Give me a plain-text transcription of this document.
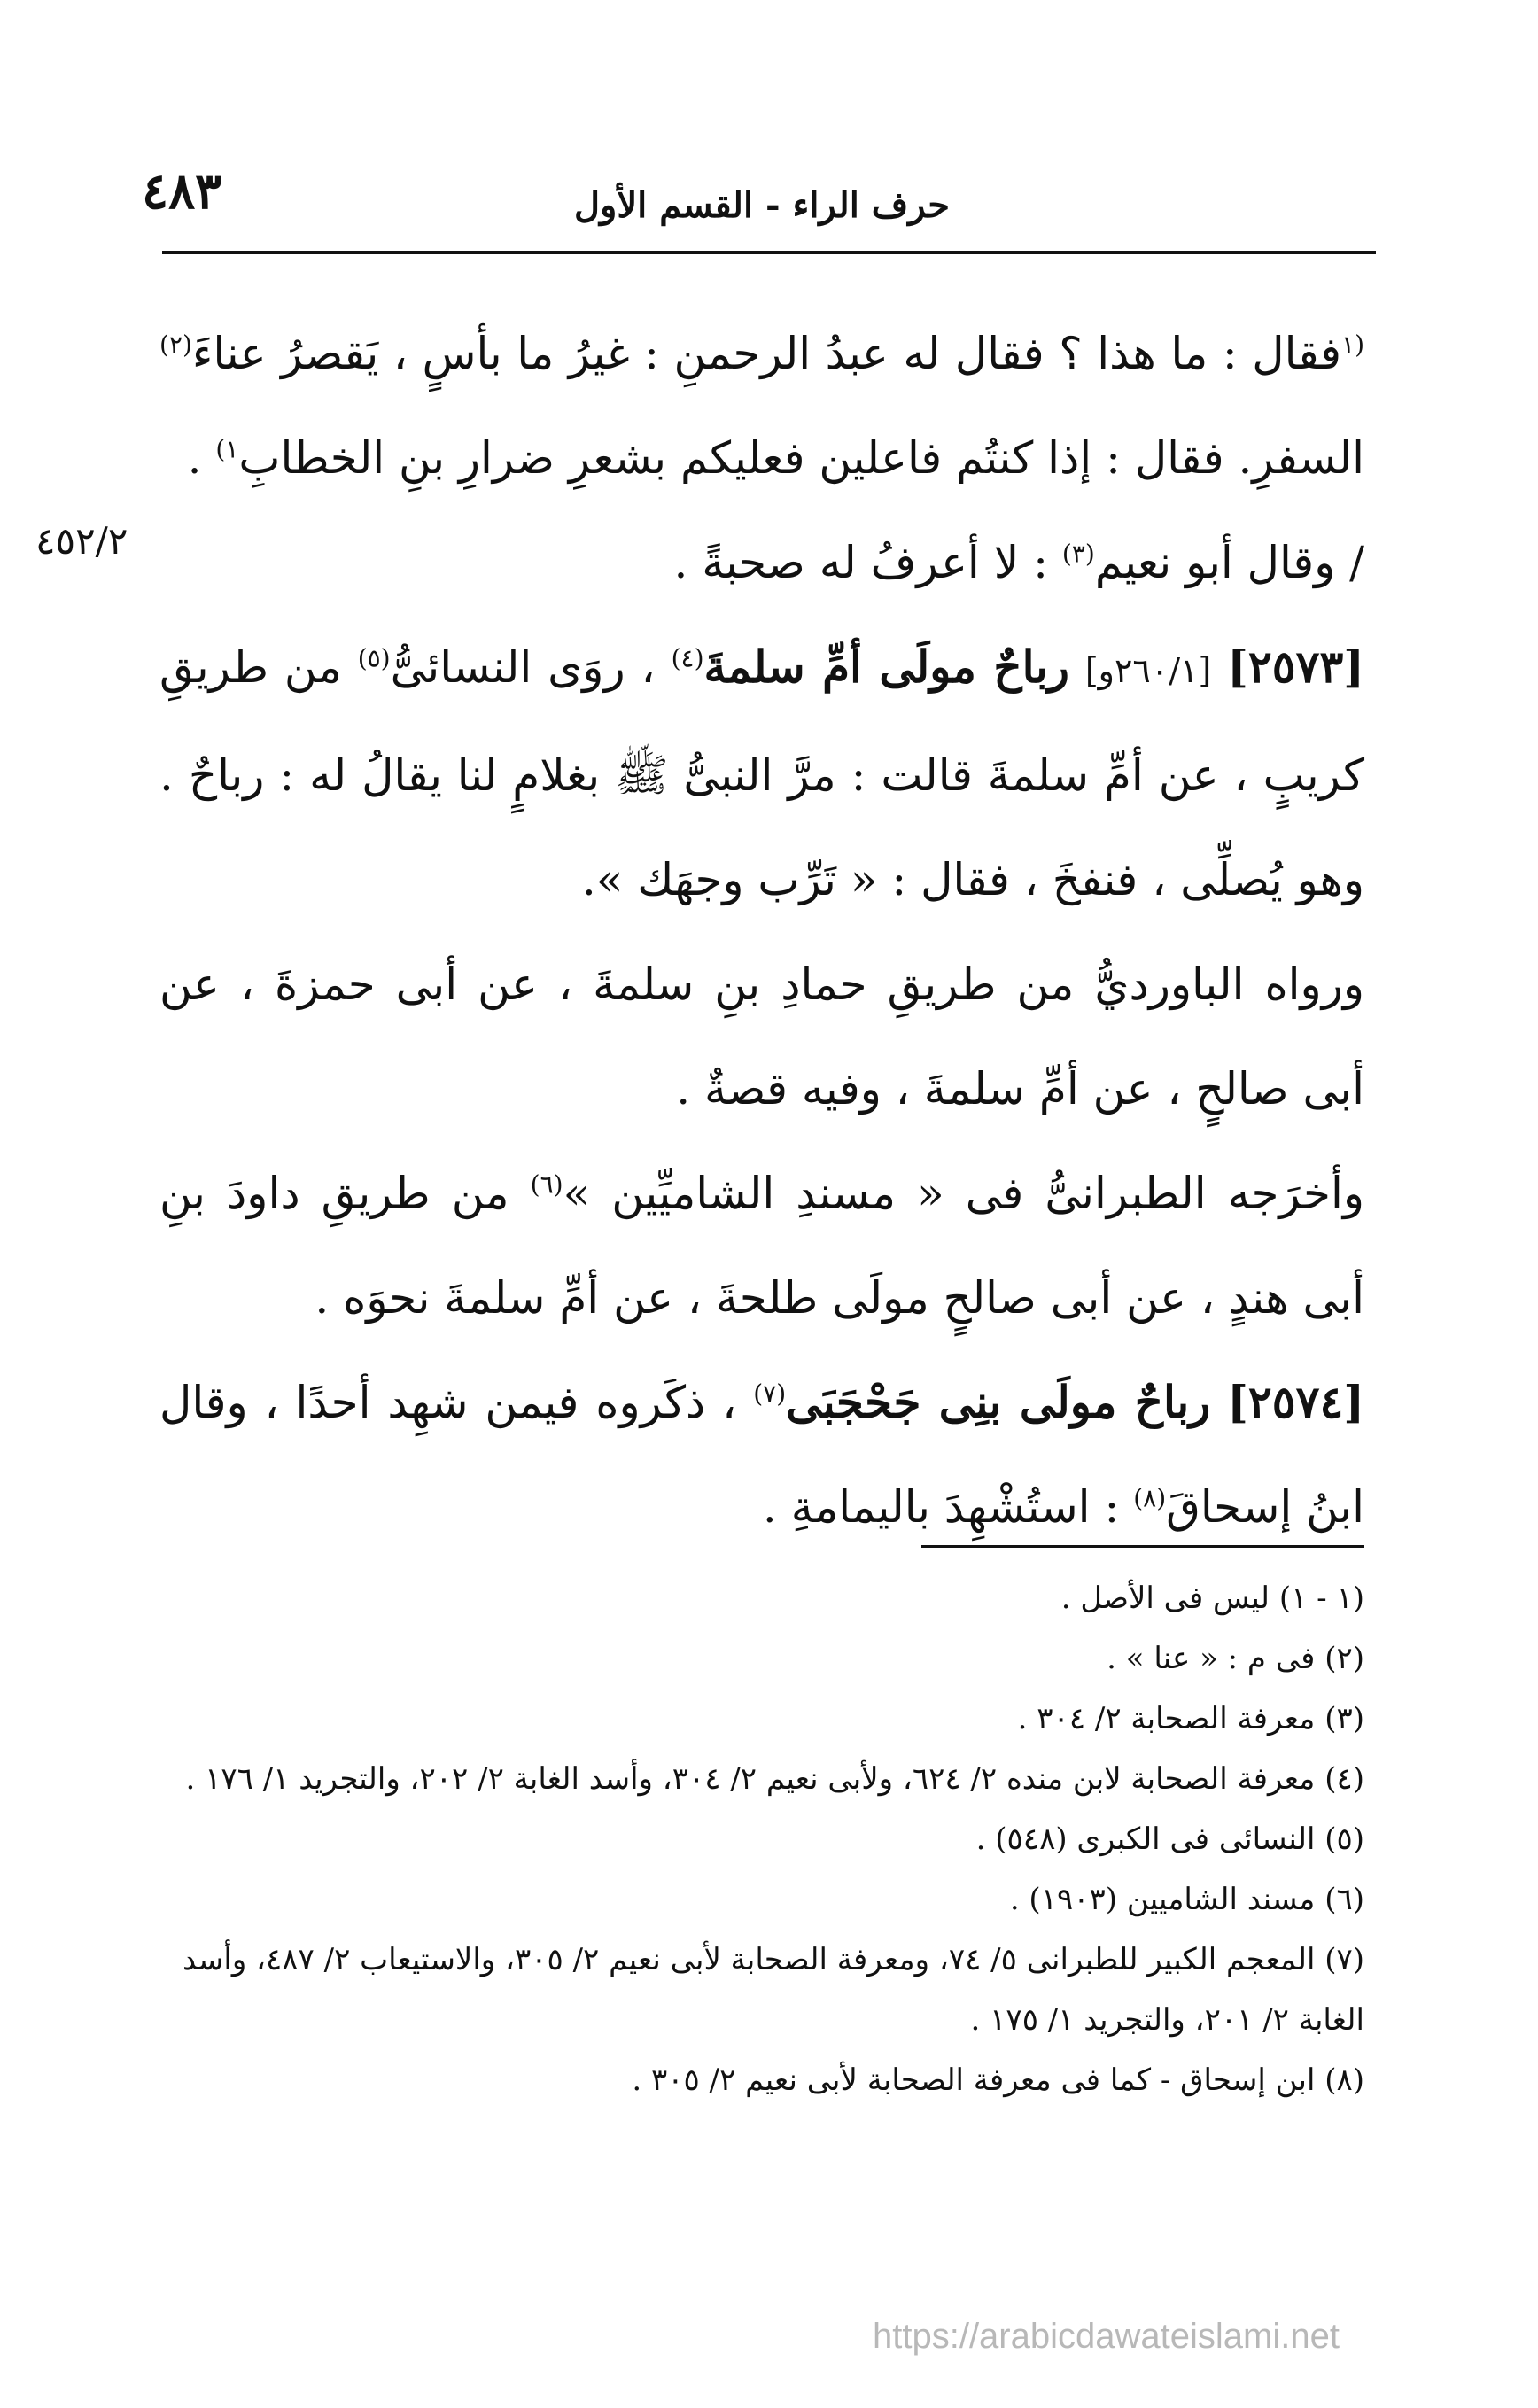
٤٨٣	حرف الراء - القسم الأول
٤٥٢/٢

$^{(١}$فقال : ما هذا ؟ فقال له عبدُ الرحمنِ : غيرُ ما بأسٍ ، يَقصرُ عناءَ$^{(٢)}$ السفرِ. فقال : إذا كنتُم فاعلين فعليكم بشعرِ ضرارِ بنِ الخطابِ$^{١)}$ .

/ وقال أبو نعيم$^{(٣)}$ : لا أعرفُ له صحبةً .

[٢٥٧٣] [٢٦٠/١و] رباحٌ مولَى أمِّ سلمةَ$^{(٤)}$ ، روَى النسائىُّ$^{(٥)}$ من طريقِ كريبٍ ، عن أمِّ سلمةَ قالت : مرَّ النبىُّ ﷺ بغلامٍ لنا يقالُ له : رباحٌ . وهو يُصلِّى ، فنفخَ ، فقال : « تَرِّب وجهَك ».

ورواه الباورديُّ من طريقِ حمادِ بنِ سلمةَ ، عن أبى حمزةَ ، عن أبى صالحٍ ، عن أمِّ سلمةَ ، وفيه قصةٌ .

وأخرَجه الطبرانىُّ فى « مسندِ الشاميِّين »$^{(٦)}$ من طريقِ داودَ بنِ أبى هندٍ ، عن أبى صالحٍ مولَى طلحةَ ، عن أمِّ سلمةَ نحوَه .

[٢٥٧٤] رباحٌ مولَى بنِى جَحْجَبَى$^{(٧)}$ ، ذكَروه فيمن شهِد أحدًا ، وقال ابنُ إسحاقَ$^{(٨)}$ : استُشْهِدَ باليمامةِ .

(١ - ١) ليس فى الأصل .

(٢) فى م : « عنا » .

(٣) معرفة الصحابة ٢/ ٣٠٤ .

(٤) معرفة الصحابة لابن منده ٢/ ٦٢٤، ولأبى نعيم ٢/ ٣٠٤، وأسد الغابة ٢/ ٢٠٢، والتجريد ١/ ١٧٦ .

(٥) النسائى فى الكبرى (٥٤٨) .

(٦) مسند الشاميين (١٩٠٣) .

(٧) المعجم الكبير للطبرانى ٥/ ٧٤، ومعرفة الصحابة لأبى نعيم ٢/ ٣٠٥، والاستيعاب ٢/ ٤٨٧، وأسد الغابة ٢/ ٢٠١، والتجريد ١/ ١٧٥ .

(٨) ابن إسحاق - كما فى معرفة الصحابة لأبى نعيم ٢/ ٣٠٥ .

https://arabicdawateislami.net
